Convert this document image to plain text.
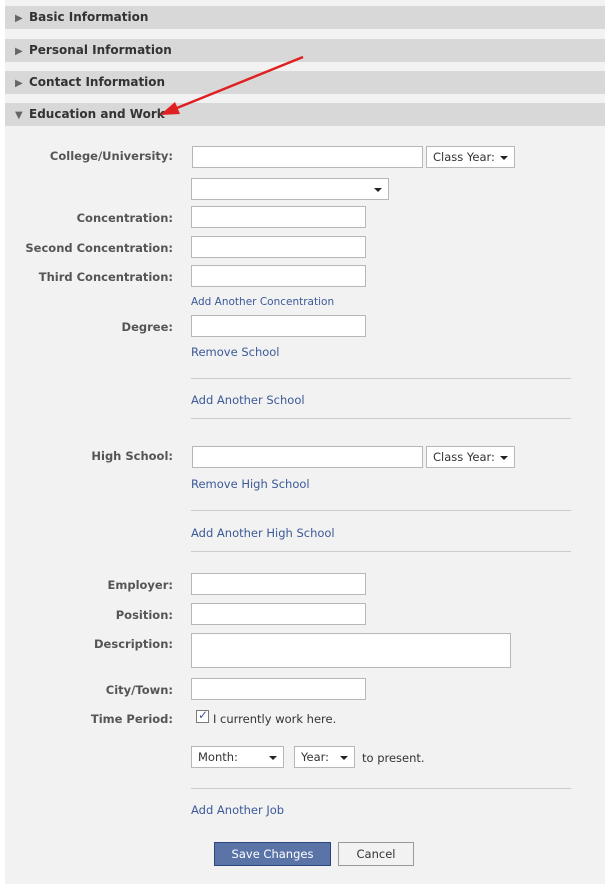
▶ Basic Information
▶ Personal Information
▶ Contact Information
▼ Education and Work
College/University:	Class Year:
Concentration:
Second Concentration:
Third Concentration:
Add Another Concentration
Degree:
Remove School
Add Another School
High School:	Class Year:
Remove High School
Add Another High School
Employer:
Position:
Description:
City/Town:
Time Period: ✓ I currently work here.
Month:	Year:	to present.
Add Another Job
Save Changes	Cancel
